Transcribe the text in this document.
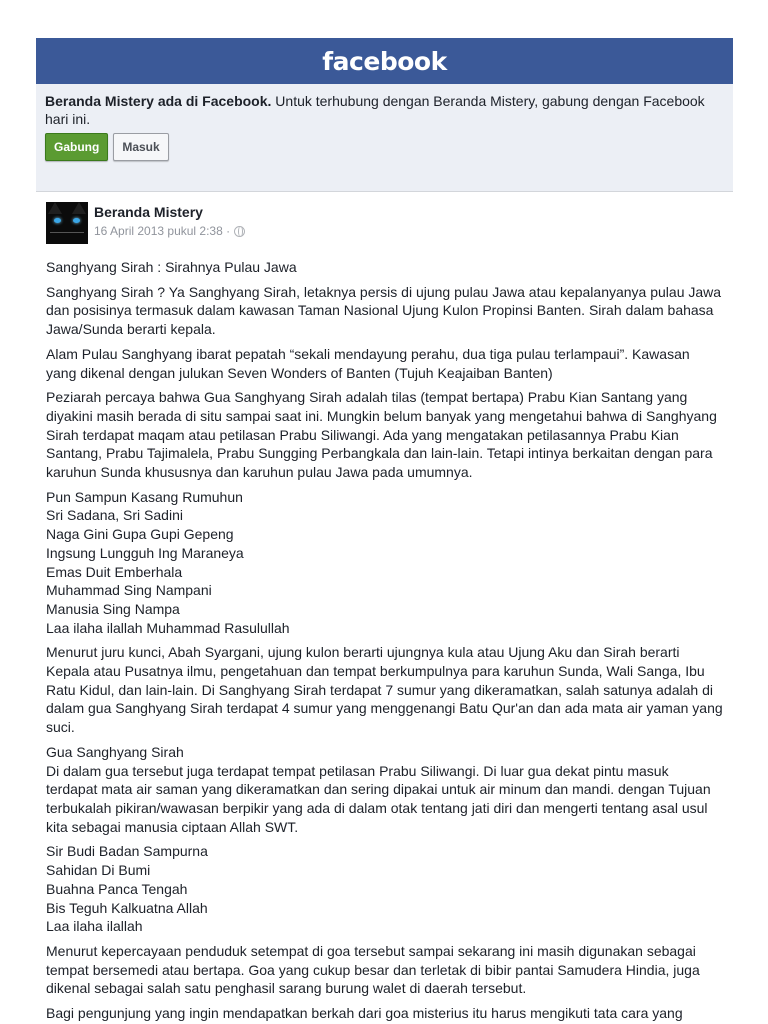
facebook
Beranda Mistery ada di Facebook. Untuk terhubung dengan Beranda Mistery, gabung dengan Facebook hari ini.
Gabung	Masuk
Beranda Mistery
16 April 2013 pukul 2:38 ·

Sanghyang Sirah : Sirahnya Pulau Jawa

Sanghyang Sirah ? Ya Sanghyang Sirah, letaknya persis di ujung pulau Jawa atau kepalanyanya pulau Jawa dan posisinya termasuk dalam kawasan Taman Nasional Ujung Kulon Propinsi Banten. Sirah dalam bahasa Jawa/Sunda berarti kepala.

Alam Pulau Sanghyang ibarat pepatah “sekali mendayung perahu, dua tiga pulau terlampaui”. Kawasan yang dikenal dengan julukan Seven Wonders of Banten (Tujuh Keajaiban Banten)

Peziarah percaya bahwa Gua Sanghyang Sirah adalah tilas (tempat bertapa) Prabu Kian Santang yang diyakini masih berada di situ sampai saat ini. Mungkin belum banyak yang mengetahui bahwa di Sanghyang Sirah terdapat maqam atau petilasan Prabu Siliwangi. Ada yang mengatakan petilasannya Prabu Kian Santang, Prabu Tajimalela, Prabu Sungging Perbangkala dan lain-lain. Tetapi intinya berkaitan dengan para karuhun Sunda khususnya dan karuhun pulau Jawa pada umumnya.

Pun Sampun Kasang Rumuhun
Sri Sadana, Sri Sadini
Naga Gini Gupa Gupi Gepeng
Ingsung Lungguh Ing Maraneya
Emas Duit Emberhala
Muhammad Sing Nampani
Manusia Sing Nampa
Laa ilaha ilallah Muhammad Rasulullah

Menurut juru kunci, Abah Syargani, ujung kulon berarti ujungnya kula atau Ujung Aku dan Sirah berarti Kepala atau Pusatnya ilmu, pengetahuan dan tempat berkumpulnya para karuhun Sunda, Wali Sanga, Ibu Ratu Kidul, dan lain-lain. Di Sanghyang Sirah terdapat 7 sumur yang dikeramatkan, salah satunya adalah di dalam gua Sanghyang Sirah terdapat 4 sumur yang menggenangi Batu Qur'an dan ada mata air yaman yang suci.

Gua Sanghyang Sirah
Di dalam gua tersebut juga terdapat tempat petilasan Prabu Siliwangi. Di luar gua dekat pintu masuk terdapat mata air saman yang dikeramatkan dan sering dipakai untuk air minum dan mandi. dengan Tujuan terbukalah pikiran/wawasan berpikir yang ada di dalam otak tentang jati diri dan mengerti tentang asal usul kita sebagai manusia ciptaan Allah SWT.

Sir Budi Badan Sampurna
Sahidan Di Bumi
Buahna Panca Tengah
Bis Teguh Kalkuatna Allah
Laa ilaha ilallah

Menurut kepercayaan penduduk setempat di goa tersebut sampai sekarang ini masih digunakan sebagai tempat bersemedi atau bertapa. Goa yang cukup besar dan terletak di bibir pantai Samudera Hindia, juga dikenal sebagai salah satu penghasil sarang burung walet di daerah tersebut.

Bagi pengunjung yang ingin mendapatkan berkah dari goa misterius itu harus mengikuti tata cara yang
